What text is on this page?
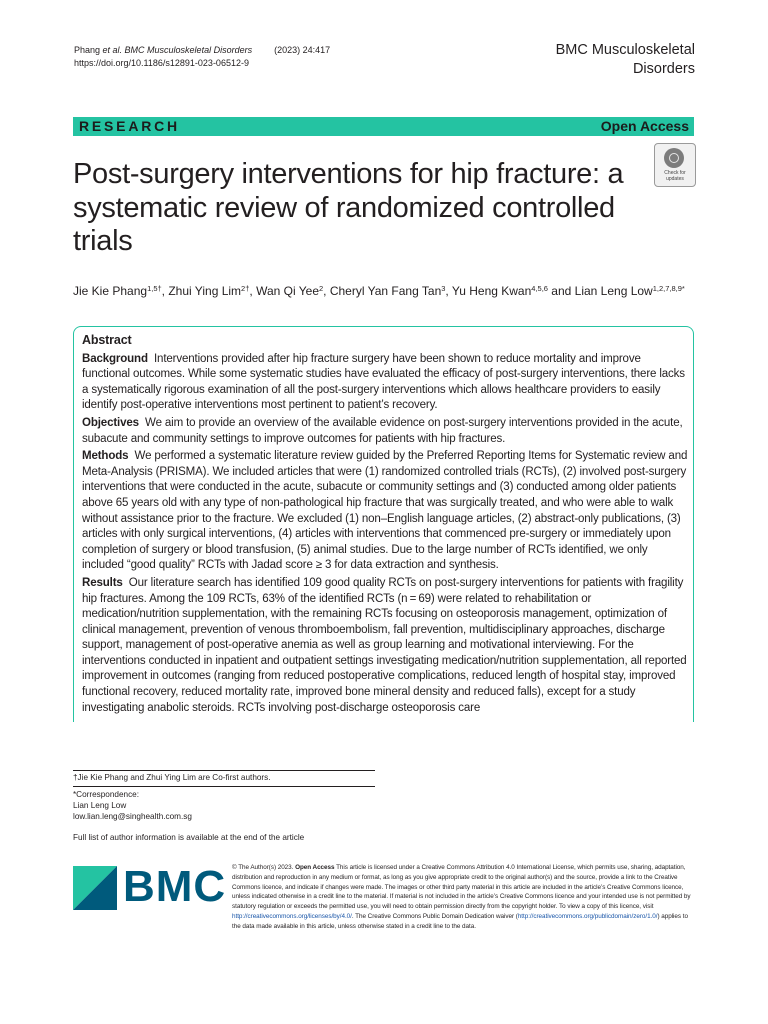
Phang et al. BMC Musculoskeletal Disorders (2023) 24:417
https://doi.org/10.1186/s12891-023-06512-9
BMC Musculoskeletal
Disorders
RESEARCH	Open Access
Post-surgery interventions for hip fracture: a systematic review of randomized controlled trials
Check for
updates
Jie Kie Phang$^{1,5\dagger}$, Zhui Ying Lim$^{2\dagger}$, Wan Qi Yee$^2$, Cheryl Yan Fang Tan$^3$, Yu Heng Kwan$^{4,5,6}$ and Lian Leng Low$^{1,2,7,8,9*}$
Abstract

Background Interventions provided after hip fracture surgery have been shown to reduce mortality and improve functional outcomes. While some systematic studies have evaluated the efficacy of post-surgery interventions, there lacks a systematically rigorous examination of all the post-surgery interventions which allows healthcare providers to easily identify post-operative interventions most pertinent to patient’s recovery.

Objectives We aim to provide an overview of the available evidence on post-surgery interventions provided in the acute, subacute and community settings to improve outcomes for patients with hip fractures.

Methods We performed a systematic literature review guided by the Preferred Reporting Items for Systematic review and Meta-Analysis (PRISMA). We included articles that were (1) randomized controlled trials (RCTs), (2) involved post-surgery interventions that were conducted in the acute, subacute or community settings and (3) conducted among older patients above 65 years old with any type of non-pathological hip fracture that was surgically treated, and who were able to walk without assistance prior to the fracture. We excluded (1) non–English language articles, (2) abstract-only publications, (3) articles with only surgical interventions, (4) articles with interventions that commenced pre-surgery or immediately upon completion of surgery or blood transfusion, (5) animal studies. Due to the large number of RCTs identified, we only included “good quality” RCTs with Jadad score ≥ 3 for data extraction and synthesis.

Results Our literature search has identified 109 good quality RCTs on post-surgery interventions for patients with fragility hip fractures. Among the 109 RCTs, 63% of the identified RCTs (n = 69) were related to rehabilitation or medication/nutrition supplementation, with the remaining RCTs focusing on osteoporosis management, optimization of clinical management, prevention of venous thromboembolism, fall prevention, multidisciplinary approaches, discharge support, management of post-operative anemia as well as group learning and motivational interviewing. For the interventions conducted in inpatient and outpatient settings investigating medication/nutrition supplementation, all reported improvement in outcomes (ranging from reduced postoperative complications, reduced length of hospital stay, improved functional recovery, reduced mortality rate, improved bone mineral density and reduced falls), except for a study investigating anabolic steroids. RCTs involving post-discharge osteoporosis care

†Jie Kie Phang and Zhui Ying Lim are Co-first authors.
*Correspondence:
Lian Leng Low
low.lian.leng@singhealth.com.sg
Full list of author information is available at the end of the article
BMC © The Author(s) 2023. Open Access This article is licensed under a Creative Commons Attribution 4.0 International License, which permits use, sharing, adaptation, distribution and reproduction in any medium or format, as long as you give appropriate credit to the original author(s) and the source, provide a link to the Creative Commons licence, and indicate if changes were made. The images or other third party material in this article are included in the article’s Creative Commons licence, unless indicated otherwise in a credit line to the material. If material is not included in the article’s Creative Commons licence and your intended use is not permitted by statutory regulation or exceeds the permitted use, you will need to obtain permission directly from the copyright holder. To view a copy of this licence, visit http://creativecommons.org/licenses/by/4.0/. The Creative Commons Public Domain Dedication waiver (http://creativecommons.org/publicdomain/zero/1.0/) applies to the data made available in this article, unless otherwise stated in a credit line to the data.
